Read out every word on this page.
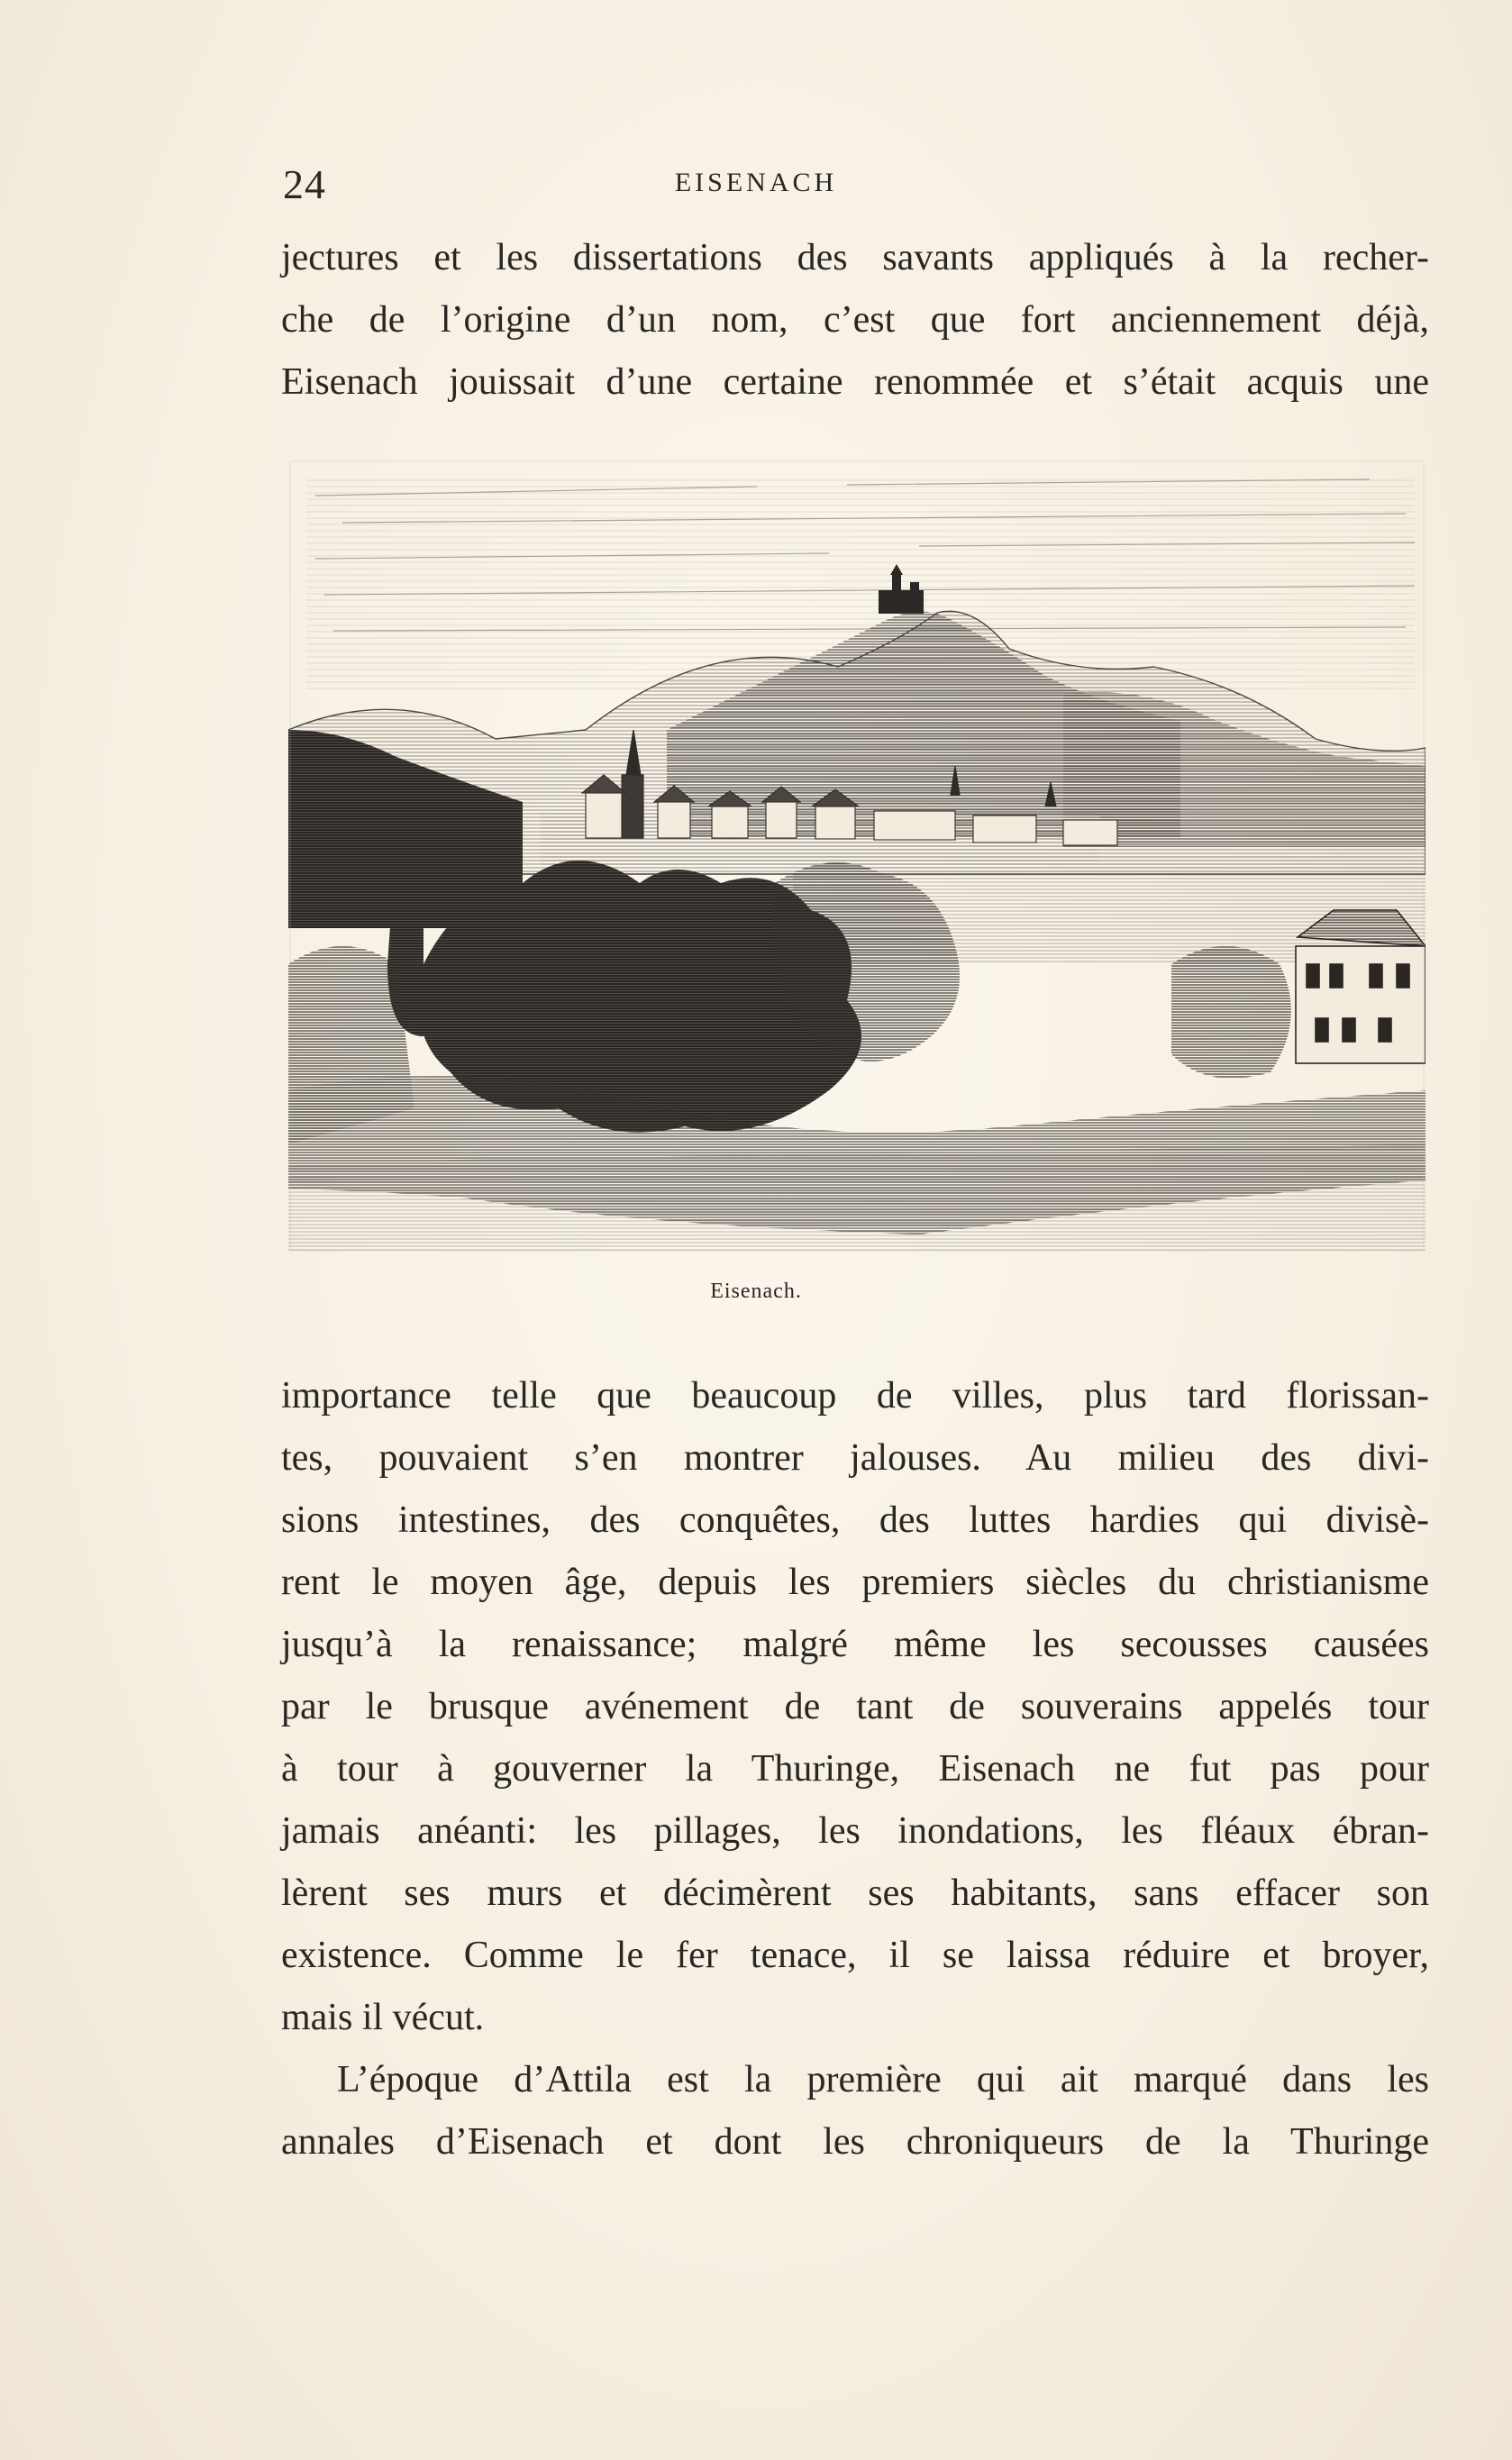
24	EISENACH

jectures et les dissertations des savants appliqués à la recher-
che de l’origine d’un nom, c’est que fort anciennement déjà,
Eisenach jouissait d’une certaine renommée et s’était acquis une

Eisenach.

importance telle que beaucoup de villes, plus tard florissan-
tes, pouvaient s’en montrer jalouses. Au milieu des divi-
sions intestines, des conquêtes, des luttes hardies qui divisè-
rent le moyen âge, depuis les premiers siècles du christianisme
jusqu’à la renaissance; malgré même les secousses causées
par le brusque avénement de tant de souverains appelés tour
à tour à gouverner la Thuringe, Eisenach ne fut pas pour
jamais anéanti: les pillages, les inondations, les fléaux ébran-
lèrent ses murs et décimèrent ses habitants, sans effacer son
existence. Comme le fer tenace, il se laissa réduire et broyer,
mais il vécut.

L’époque d’Attila est la première qui ait marqué dans les
annales d’Eisenach et dont les chroniqueurs de la Thuringe
